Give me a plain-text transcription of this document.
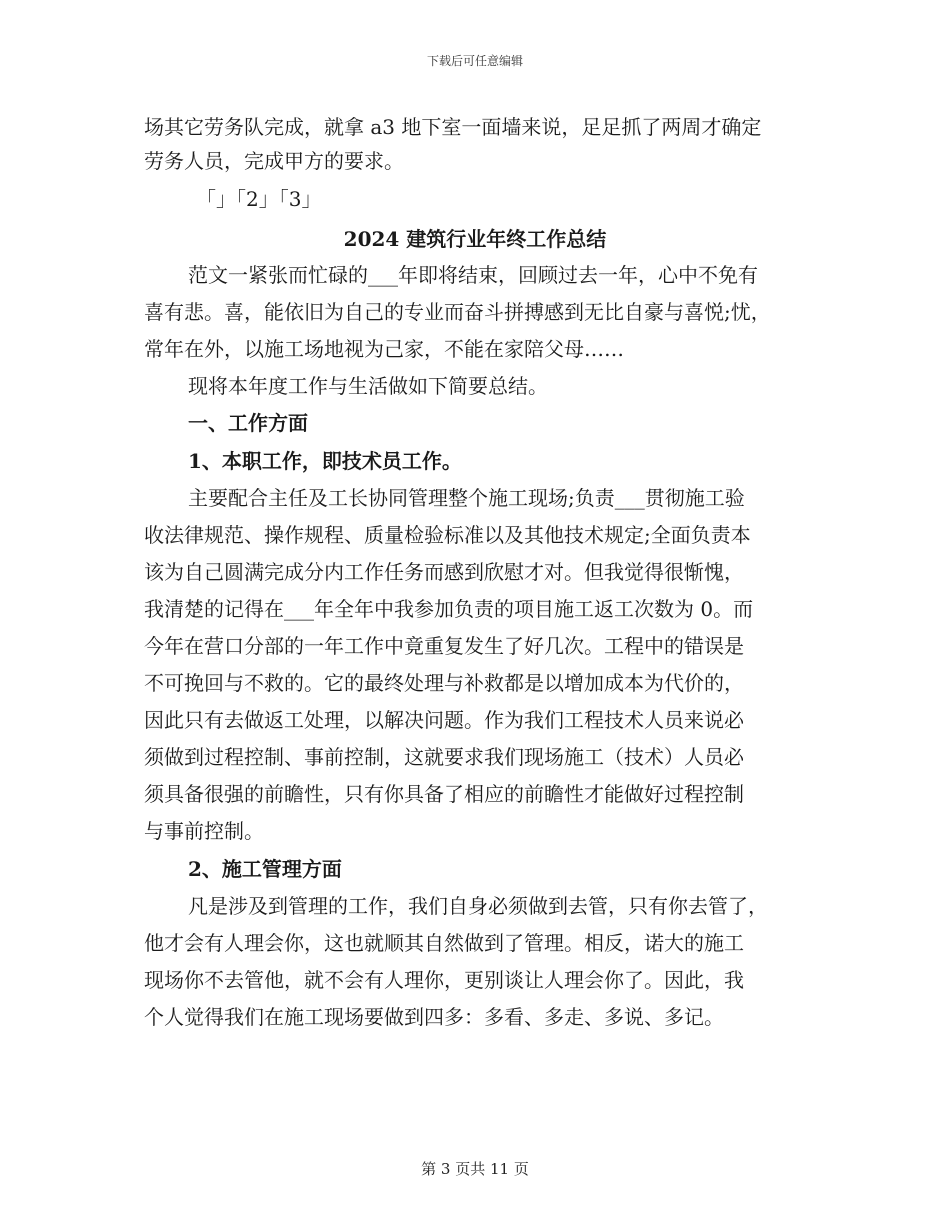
下载后可任意编辑
场其它劳务队完成，就拿 a3 地下室一面墙来说，足足抓了两周才确定
劳务人员，完成甲方的要求。
「」「2」「3」
2024 建筑行业年终工作总结
范文一紧张而忙碌的___年即将结束，回顾过去一年，心中不免有
喜有悲。喜，能依旧为自己的专业而奋斗拼搏感到无比自豪与喜悦;忧，
常年在外，以施工场地视为己家，不能在家陪父母……
现将本年度工作与生活做如下简要总结。
一、工作方面
1、本职工作，即技术员工作。
主要配合主任及工长协同管理整个施工现场;负责___贯彻施工验
收法律规范、操作规程、质量检验标准以及其他技术规定;全面负责本
该为自己圆满完成分内工作任务而感到欣慰才对。但我觉得很惭愧，
我清楚的记得在___年全年中我参加负责的项目施工返工次数为 0。而
今年在营口分部的一年工作中竟重复发生了好几次。工程中的错误是
不可挽回与不救的。它的最终处理与补救都是以增加成本为代价的，
因此只有去做返工处理，以解决问题。作为我们工程技术人员来说必
须做到过程控制、事前控制，这就要求我们现场施工（技术）人员必
须具备很强的前瞻性，只有你具备了相应的前瞻性才能做好过程控制
与事前控制。
2、施工管理方面
凡是涉及到管理的工作，我们自身必须做到去管，只有你去管了，
他才会有人理会你，这也就顺其自然做到了管理。相反，诺大的施工
现场你不去管他，就不会有人理你，更别谈让人理会你了。因此，我
个人觉得我们在施工现场要做到四多：多看、多走、多说、多记。
第 3 页共 11 页
